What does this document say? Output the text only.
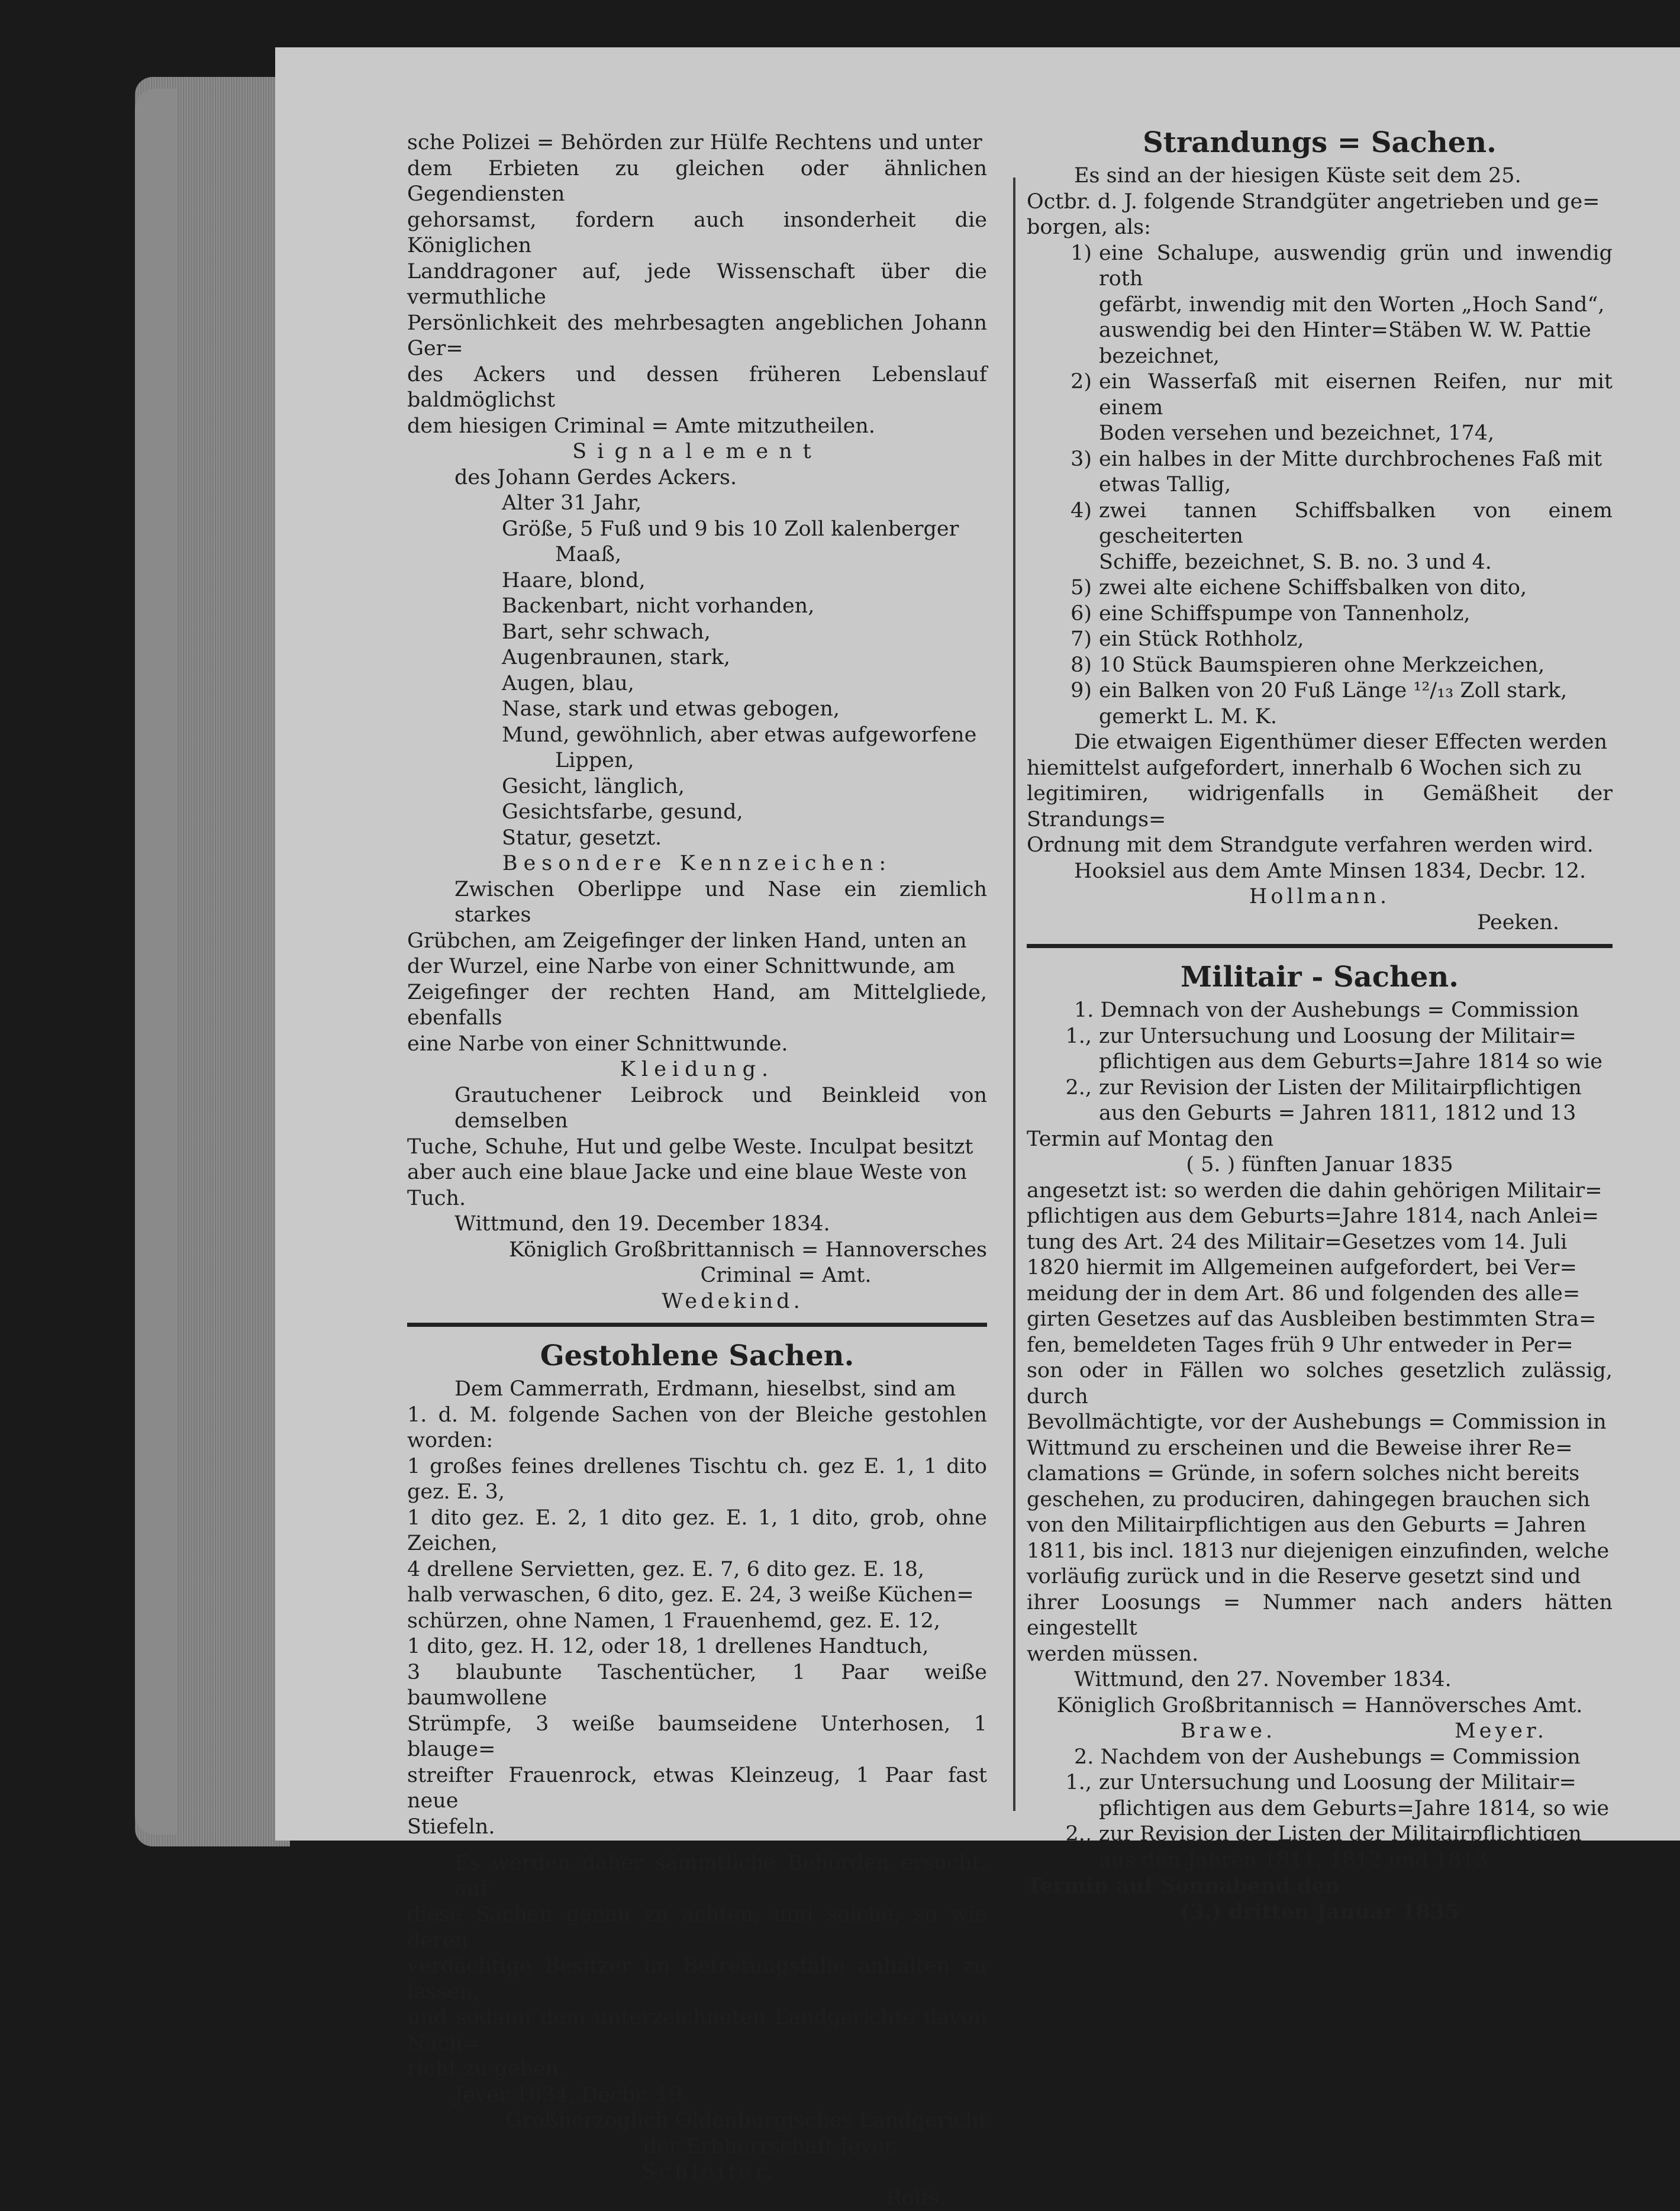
sche Polizei = Behörden zur Hülfe Rechtens und unter

dem Erbieten zu gleichen oder ähnlichen Gegendiensten

gehorsamst, fordern auch insonderheit die Königlichen

Landdragoner auf, jede Wissenschaft über die vermuthliche

Persönlichkeit des mehrbesagten angeblichen Johann Ger=

des Ackers und dessen früheren Lebenslauf baldmöglichst

dem hiesigen Criminal = Amte mitzutheilen.

Signalement

des Johann Gerdes Ackers.

Alter 31 Jahr,

Größe, 5 Fuß und 9 bis 10 Zoll kalenberger

Maaß,

Haare, blond,

Backenbart, nicht vorhanden,

Bart, sehr schwach,

Augenbraunen, stark,

Augen, blau,

Nase, stark und etwas gebogen,

Mund, gewöhnlich, aber etwas aufgeworfene

Lippen,

Gesicht, länglich,

Gesichtsfarbe, gesund,

Statur, gesetzt.

Besondere Kennzeichen:

Zwischen Oberlippe und Nase ein ziemlich starkes

Grübchen, am Zeigefinger der linken Hand, unten an

der Wurzel, eine Narbe von einer Schnittwunde, am

Zeigefinger der rechten Hand, am Mittelgliede, ebenfalls

eine Narbe von einer Schnittwunde.

Kleidung.

Grautuchener Leibrock und Beinkleid von demselben

Tuche, Schuhe, Hut und gelbe Weste. Inculpat besitzt

aber auch eine blaue Jacke und eine blaue Weste von

Tuch.

Wittmund, den 19. December 1834.

Königlich Großbrittannisch = Hannoversches

Criminal = Amt.

Wedekind.

Gestohlene Sachen.

Dem Cammerrath, Erdmann, hieselbst, sind am

1. d. M. folgende Sachen von der Bleiche gestohlen worden:

1 großes feines drellenes Tischtu ch. gez E. 1, 1 dito gez. E. 3,

1 dito gez. E. 2, 1 dito gez. E. 1, 1 dito, grob, ohne Zeichen,

4 drellene Servietten, gez. E. 7, 6 dito gez. E. 18,

halb verwaschen, 6 dito, gez. E. 24, 3 weiße Küchen=

schürzen, ohne Namen, 1 Frauenhemd, gez. E. 12,

1 dito, gez. H. 12, oder 18, 1 drellenes Handtuch,

3 blaubunte Taschentücher, 1 Paar weiße baumwollene

Strümpfe, 3 weiße baumseidene Unterhosen, 1 blauge=

streifter Frauenrock, etwas Kleinzeug, 1 Paar fast neue

Stiefeln.

Es werden daher sämmtliche Behörden ersucht, auf

diese Sachen genau zu achten, und solche, so wie deren

verdächtige Besitzer im Betretungsfalle anhalten zu lassen,

und sodann dem unterzeichneten Landgerichte davon Nach=

richt zu geben.

Jever 1834, Decbr. 19.

Großherzoglich Oldenburgisches Landgericht

der Erbherrschaft Jever.

Schloifer.

Rolfs.

Strandungs = Sachen.

Es sind an der hiesigen Küste seit dem 25.

Octbr. d. J. folgende Strandgüter angetrieben und ge=

borgen, als:

1) eine Schalupe, auswendig grün und inwendig roth

gefärbt, inwendig mit den Worten „Hoch Sand“,

auswendig bei den Hinter=Stäben W. W. Pattie

bezeichnet,

2) ein Wasserfaß mit eisernen Reifen, nur mit einem

Boden versehen und bezeichnet, 174,

3) ein halbes in der Mitte durchbrochenes Faß mit

etwas Tallig,

4) zwei tannen Schiffsbalken von einem gescheiterten

Schiffe, bezeichnet, S. B. no. 3 und 4.

5) zwei alte eichene Schiffsbalken von dito,

6) eine Schiffspumpe von Tannenholz,

7) ein Stück Rothholz,

8) 10 Stück Baumspieren ohne Merkzeichen,

9) ein Balken von 20 Fuß Länge ¹²/₁₃ Zoll stark,

gemerkt L. M. K.

Die etwaigen Eigenthümer dieser Effecten werden

hiemittelst aufgefordert, innerhalb 6 Wochen sich zu

legitimiren, widrigenfalls in Gemäßheit der Strandungs=

Ordnung mit dem Strandgute verfahren werden wird.

Hooksiel aus dem Amte Minsen 1834, Decbr. 12.

Hollmann.

Peeken.

Militair - Sachen.

1. Demnach von der Aushebungs = Commission

1., zur Untersuchung und Loosung der Militair=

pflichtigen aus dem Geburts=Jahre 1814 so wie

2., zur Revision der Listen der Militairpflichtigen

aus den Geburts = Jahren 1811, 1812 und 13

Termin auf Montag den

( 5. ) fünften Januar 1835

angesetzt ist: so werden die dahin gehörigen Militair=

pflichtigen aus dem Geburts=Jahre 1814, nach Anlei=

tung des Art. 24 des Militair=Gesetzes vom 14. Juli

1820 hiermit im Allgemeinen aufgefordert, bei Ver=

meidung der in dem Art. 86 und folgenden des alle=

girten Gesetzes auf das Ausbleiben bestimmten Stra=

fen, bemeldeten Tages früh 9 Uhr entweder in Per=

son oder in Fällen wo solches gesetzlich zulässig, durch

Bevollmächtigte, vor der Aushebungs = Commission in

Wittmund zu erscheinen und die Beweise ihrer Re=

clamations = Gründe, in sofern solches nicht bereits

geschehen, zu produciren, dahingegen brauchen sich

von den Militairpflichtigen aus den Geburts = Jahren

1811, bis incl. 1813 nur diejenigen einzufinden, welche

vorläufig zurück und in die Reserve gesetzt sind und

ihrer Loosungs = Nummer nach anders hätten eingestellt

werden müssen.

Wittmund, den 27. November 1834.

Königlich Großbritannisch = Hannöversches Amt.

Brawe.	Meyer.

2. Nachdem von der Aushebungs = Commission

1., zur Untersuchung und Loosung der Militair=

pflichtigen aus dem Geburts=Jahre 1814, so wie

2., zur Revision der Listen der Militairpflichtigen

aus den Jahren 1811, 1812 und 1813

Termin auf Sonnabend den

(3.) dritten Januar 1835
